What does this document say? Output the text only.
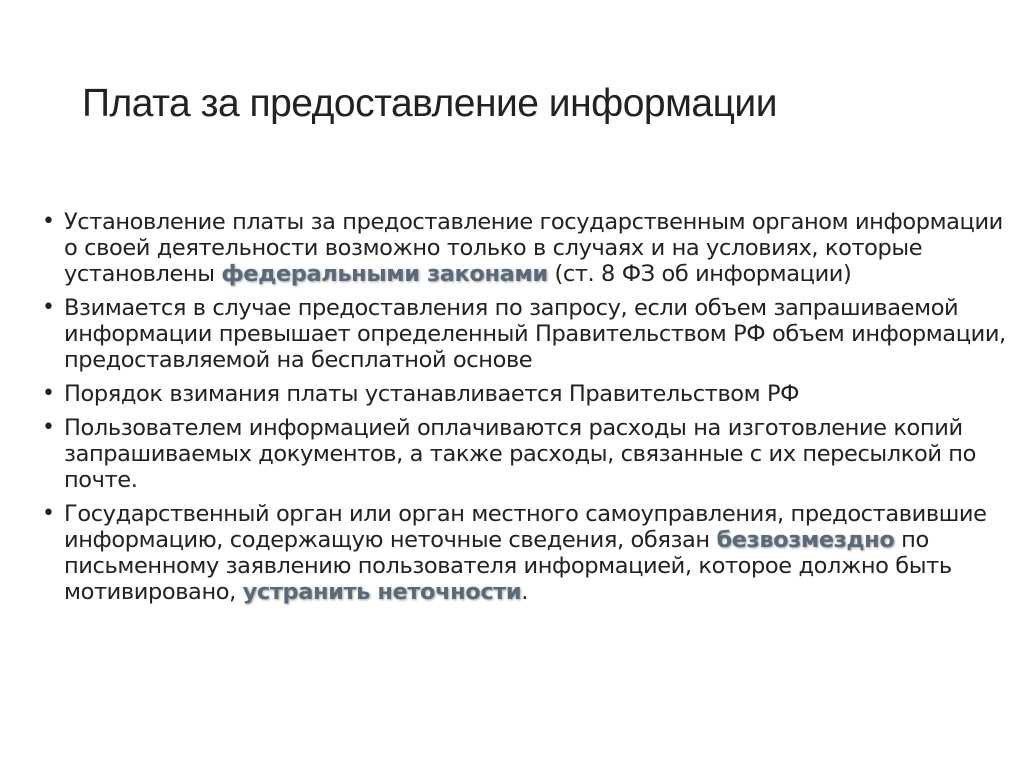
Плата за предоставление информации
• Установление платы за предоставление государственным органом информации о своей деятельности возможно только в случаях и на условиях, которые установлены федеральными законами (ст. 8 ФЗ об информации)
• Взимается в случае предоставления по запросу, если объем запрашиваемой информации превышает определенный Правительством РФ объем информации, предоставляемой на бесплатной основе
• Порядок взимания платы устанавливается Правительством РФ
• Пользователем информацией оплачиваются расходы на изготовление копий запрашиваемых документов, а также расходы, связанные с их пересылкой по почте.
• Государственный орган или орган местного самоуправления, предоставившие информацию, содержащую неточные сведения, обязан безвозмездно по письменному заявлению пользователя информацией, которое должно быть мотивировано, устранить неточности.
